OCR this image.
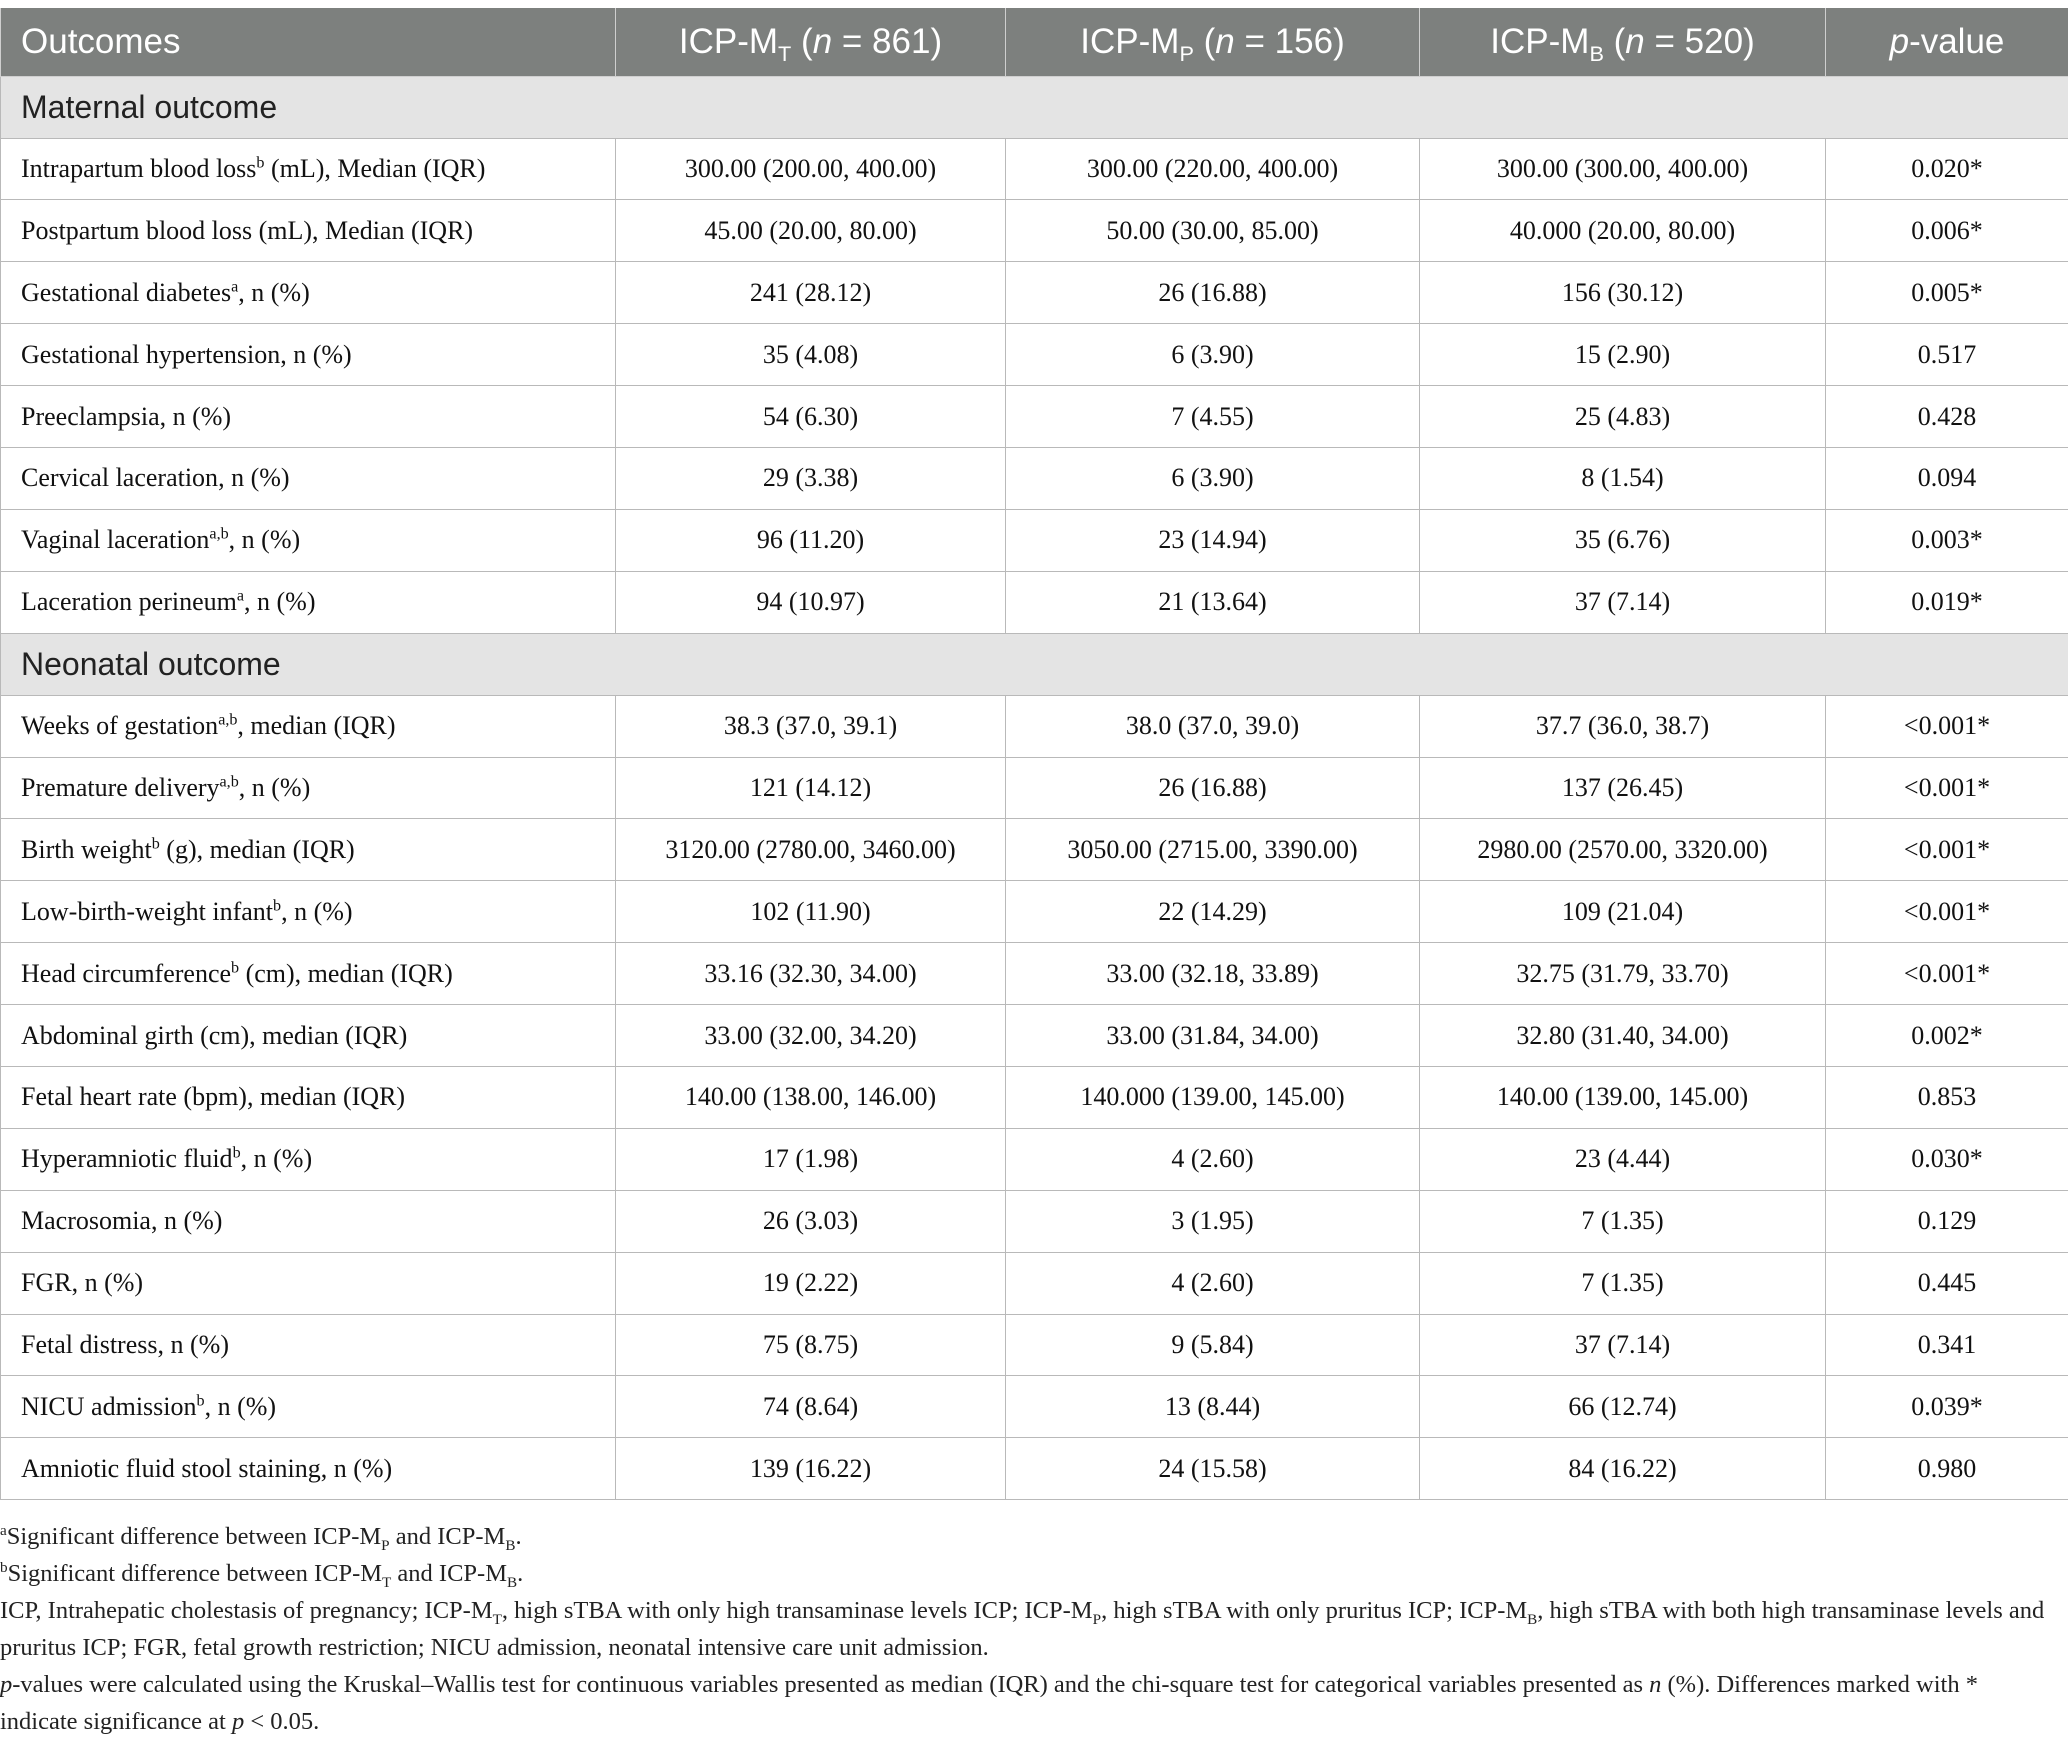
Outcomes	ICP-$M_T$ (n = 861)	ICP-$M_P$ (n = 156)	ICP-$M_B$ (n = 520)	p-value
Maternal outcome				
Intrapartum blood loss$^b$ (mL), Median (IQR)	300.00 (200.00, 400.00)	300.00 (220.00, 400.00)	300.00 (300.00, 400.00)	0.020*
Postpartum blood loss (mL), Median (IQR)	45.00 (20.00, 80.00)	50.00 (30.00, 85.00)	40.000 (20.00, 80.00)	0.006*
Gestational diabetes$^a$, n (%)	241 (28.12)	26 (16.88)	156 (30.12)	0.005*
Gestational hypertension, n (%)	35 (4.08)	6 (3.90)	15 (2.90)	0.517
Preeclampsia, n (%)	54 (6.30)	7 (4.55)	25 (4.83)	0.428
Cervical laceration, n (%)	29 (3.38)	6 (3.90)	8 (1.54)	0.094
Vaginal laceration$^{a,b}$, n (%)	96 (11.20)	23 (14.94)	35 (6.76)	0.003*
Laceration perineum$^a$, n (%)	94 (10.97)	21 (13.64)	37 (7.14)	0.019*
Neonatal outcome				
Weeks of gestation$^{a,b}$, median (IQR)	38.3 (37.0, 39.1)	38.0 (37.0, 39.0)	37.7 (36.0, 38.7)	<0.001*
Premature delivery$^{a,b}$, n (%)	121 (14.12)	26 (16.88)	137 (26.45)	<0.001*
Birth weight$^b$ (g), median (IQR)	3120.00 (2780.00, 3460.00)	3050.00 (2715.00, 3390.00)	2980.00 (2570.00, 3320.00)	<0.001*
Low-birth-weight infant$^b$, n (%)	102 (11.90)	22 (14.29)	109 (21.04)	<0.001*
Head circumference$^b$ (cm), median (IQR)	33.16 (32.30, 34.00)	33.00 (32.18, 33.89)	32.75 (31.79, 33.70)	<0.001*
Abdominal girth (cm), median (IQR)	33.00 (32.00, 34.20)	33.00 (31.84, 34.00)	32.80 (31.40, 34.00)	0.002*
Fetal heart rate (bpm), median (IQR)	140.00 (138.00, 146.00)	140.000 (139.00, 145.00)	140.00 (139.00, 145.00)	0.853
Hyperamniotic fluid$^b$, n (%)	17 (1.98)	4 (2.60)	23 (4.44)	0.030*
Macrosomia, n (%)	26 (3.03)	3 (1.95)	7 (1.35)	0.129
FGR, n (%)	19 (2.22)	4 (2.60)	7 (1.35)	0.445
Fetal distress, n (%)	75 (8.75)	9 (5.84)	37 (7.14)	0.341
NICU admission$^b$, n (%)	74 (8.64)	13 (8.44)	66 (12.74)	0.039*
Amniotic fluid stool staining, n (%)	139 (16.22)	24 (15.58)	84 (16.22)	0.980

$^a$Significant difference between ICP-$M_P$ and ICP-$M_B$.

$^b$Significant difference between ICP-$M_T$ and ICP-$M_B$.

ICP, Intrahepatic cholestasis of pregnancy; ICP-$M_T$, high sTBA with only high transaminase levels ICP; ICP-$M_P$, high sTBA with only pruritus ICP; ICP-$M_B$, high sTBA with both high transaminase levels and pruritus ICP; FGR, fetal growth restriction; NICU admission, neonatal intensive care unit admission.

p-values were calculated using the Kruskal–Wallis test for continuous variables presented as median (IQR) and the chi-square test for categorical variables presented as n (%). Differences marked with * indicate significance at p < 0.05.
